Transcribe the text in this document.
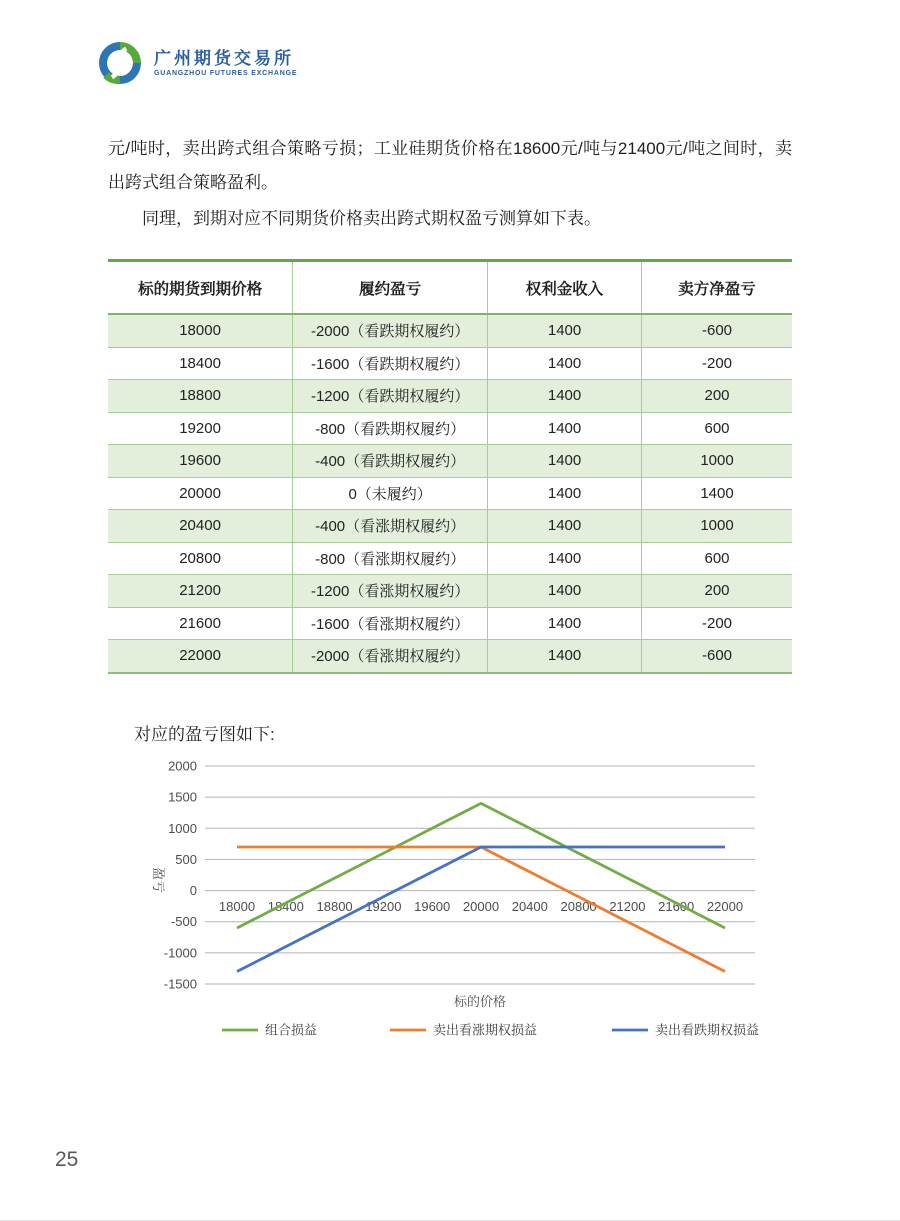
广州期货交易所
GUANGZHOU FUTURES EXCHANGE

元/吨时，卖出跨式组合策略亏损；工业硅期货价格在18600元/吨与21400元/吨之间时，卖出跨式组合策略盈利。

同理，到期对应不同期货价格卖出跨式期权盈亏测算如下表。

标的期货到期价格	履约盈亏	权利金收入	卖方净盈亏
18000	-2000（看跌期权履约）	1400	-600
18400	-1600（看跌期权履约）	1400	-200
18800	-1200（看跌期权履约）	1400	200
19200	-800（看跌期权履约）	1400	600
19600	-400（看跌期权履约）	1400	1000
20000	0（未履约）	1400	1400
20400	-400（看涨期权履约）	1400	1000
20800	-800（看涨期权履约）	1400	600
21200	-1200（看涨期权履约）	1400	200
21600	-1600（看涨期权履约）	1400	-200
22000	-2000（看涨期权履约）	1400	-600

对应的盈亏图如下:

2000
1500
1000
500
0
-500
-1000
-1500
18000 18400 18800 19200 19600 20000 20400 20800 21200 21600 22000
盈亏
标的价格
组合损益	卖出看涨期权损益	卖出看跌期权损益
25
